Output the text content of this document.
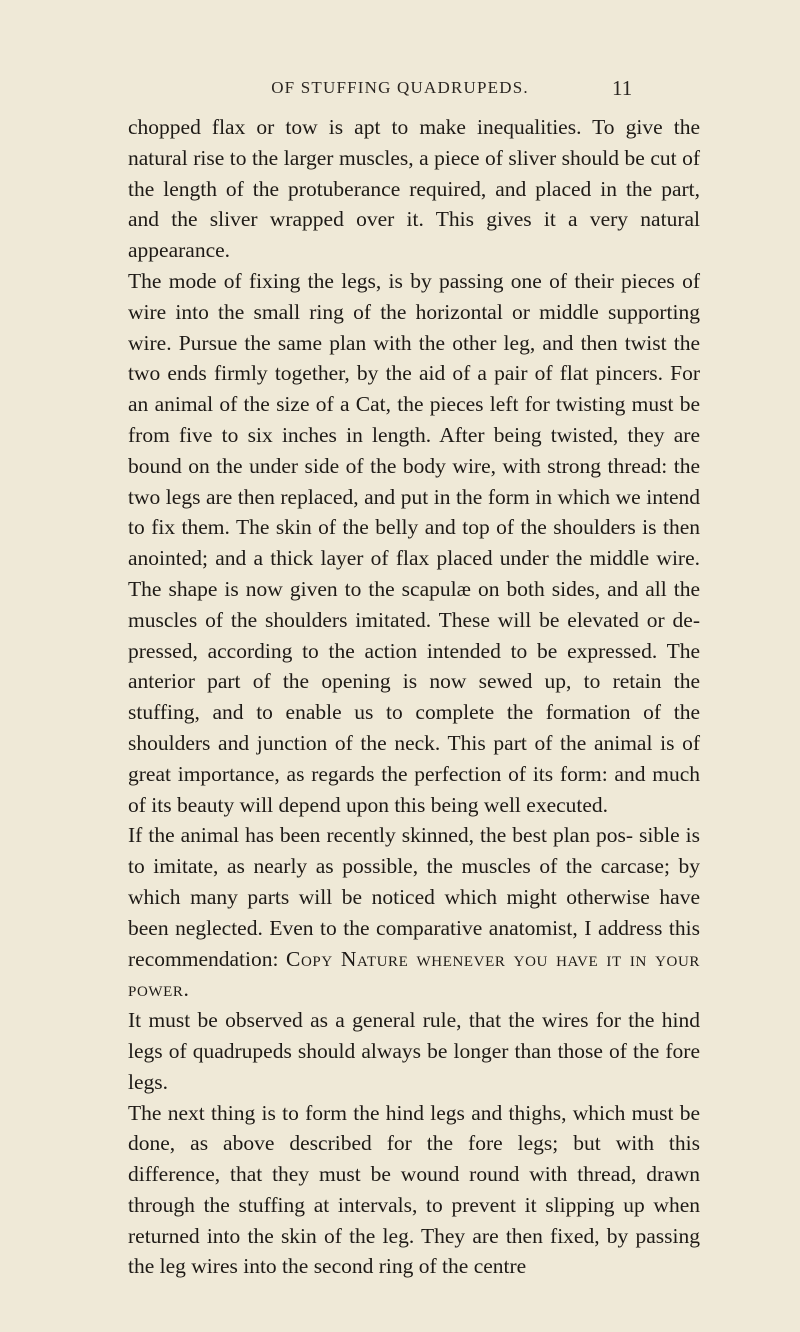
OF STUFFING QUADRUPEDS.	11

chopped flax or tow is apt to make inequalities. To give the natural rise to the larger muscles, a piece of sliver should be cut of the length of the protuberance required, and placed in the part, and the sliver wrapped over it. This gives it a very natural appearance.

The mode of fixing the legs, is by passing one of their pieces of wire into the small ring of the horizontal or middle supporting wire. Pursue the same plan with the other leg, and then twist the two ends firmly together, by the aid of a pair of flat pincers. For an animal of the size of a Cat, the pieces left for twisting must be from five to six inches in length. After being twisted, they are bound on the under side of the body wire, with strong thread: the two legs are then replaced, and put in the form in which we intend to fix them. The skin of the belly and top of the shoulders is then anointed; and a thick layer of flax placed under the middle wire. The shape is now given to the scapulæ on both sides, and all the muscles of the shoulders imitated. These will be elevated or de- pressed, according to the action intended to be expressed. The anterior part of the opening is now sewed up, to retain the stuffing, and to enable us to complete the formation of the shoulders and junction of the neck. This part of the animal is of great importance, as regards the perfection of its form: and much of its beauty will depend upon this being well executed.

If the animal has been recently skinned, the best plan pos- sible is to imitate, as nearly as possible, the muscles of the carcase; by which many parts will be noticed which might otherwise have been neglected. Even to the comparative anatomist, I address this recommendation: Copy Nature whenever you have it in your power.

It must be observed as a general rule, that the wires for the hind legs of quadrupeds should always be longer than those of the fore legs.

The next thing is to form the hind legs and thighs, which must be done, as above described for the fore legs; but with this difference, that they must be wound round with thread, drawn through the stuffing at intervals, to prevent it slipping up when returned into the skin of the leg. They are then fixed, by passing the leg wires into the second ring of the centre
